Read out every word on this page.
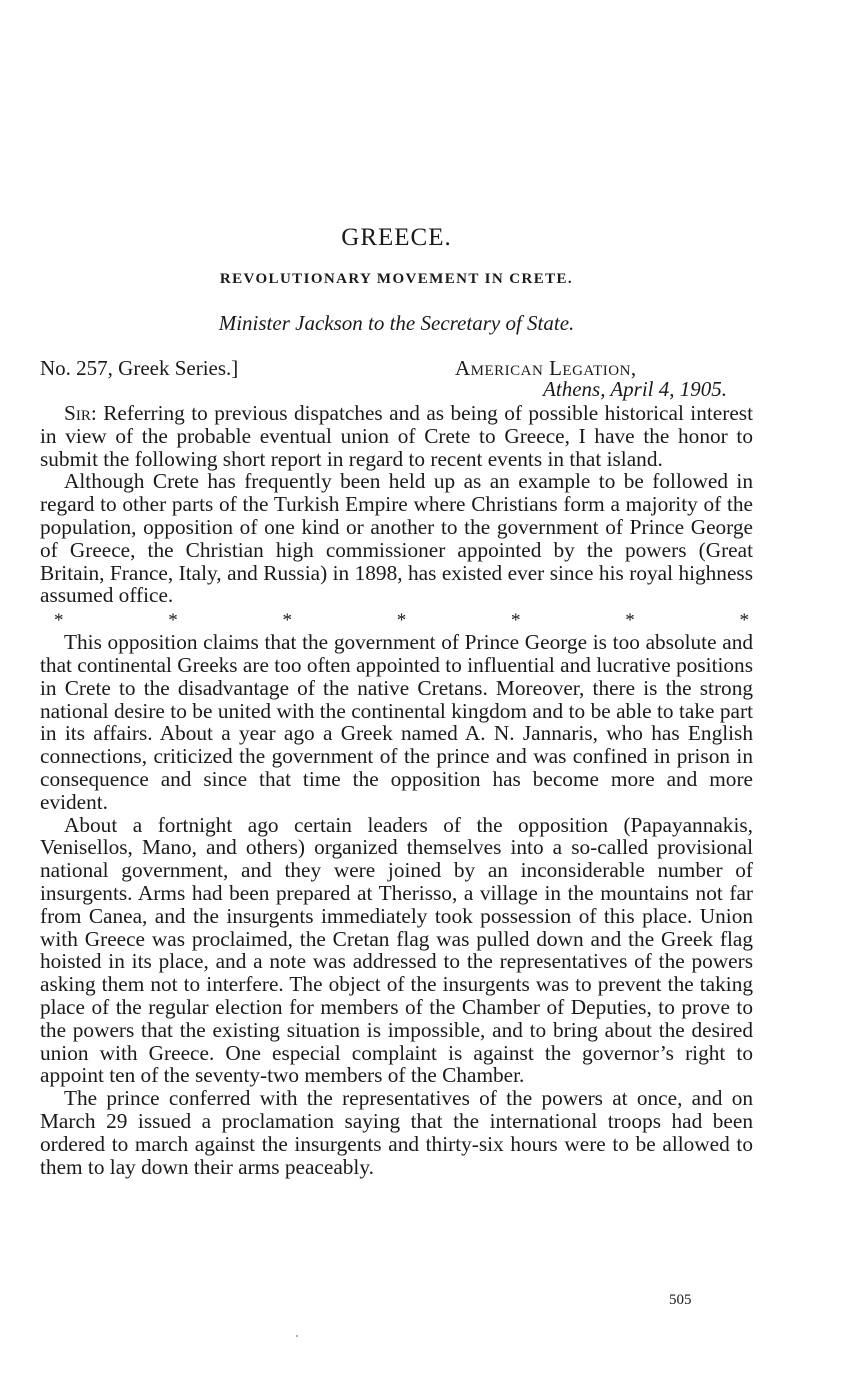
GREECE.
REVOLUTIONARY MOVEMENT IN CRETE.
Minister Jackson to the Secretary of State.
No. 257, Greek Series.]	American Legation,
Athens, April 4, 1905.

Sir: Referring to previous dispatches and as being of possible historical interest in view of the probable eventual union of Crete to Greece, I have the honor to submit the following short report in regard to recent events in that island.

Although Crete has frequently been held up as an example to be followed in regard to other parts of the Turkish Empire where Christians form a majority of the population, opposition of one kind or another to the government of Prince George of Greece, the Christian high commissioner appointed by the powers (Great Britain, France, Italy, and Russia) in 1898, has existed ever since his royal highness assumed office.

*	*	*	*	*	*	*

This opposition claims that the government of Prince George is too absolute and that continental Greeks are too often appointed to influential and lucrative positions in Crete to the disadvantage of the native Cretans. Moreover, there is the strong national desire to be united with the continental kingdom and to be able to take part in its affairs. About a year ago a Greek named A. N. Jannaris, who has English connections, criticized the government of the prince and was confined in prison in consequence and since that time the opposition has become more and more evident.

About a fortnight ago certain leaders of the opposition (Papayannakis, Venisellos, Mano, and others) organized themselves into a so-called provisional national government, and they were joined by an inconsiderable number of insurgents. Arms had been prepared at Therisso, a village in the mountains not far from Canea, and the insurgents immediately took possession of this place. Union with Greece was proclaimed, the Cretan flag was pulled down and the Greek flag hoisted in its place, and a note was addressed to the representatives of the powers asking them not to interfere. The object of the insurgents was to prevent the taking place of the regular election for members of the Chamber of Deputies, to prove to the powers that the existing situation is impossible, and to bring about the desired union with Greece. One especial complaint is against the governor’s right to appoint ten of the seventy-two members of the Chamber.

The prince conferred with the representatives of the powers at once, and on March 29 issued a proclamation saying that the international troops had been ordered to march against the insurgents and thirty-six hours were to be allowed to them to lay down their arms peaceably.

505
